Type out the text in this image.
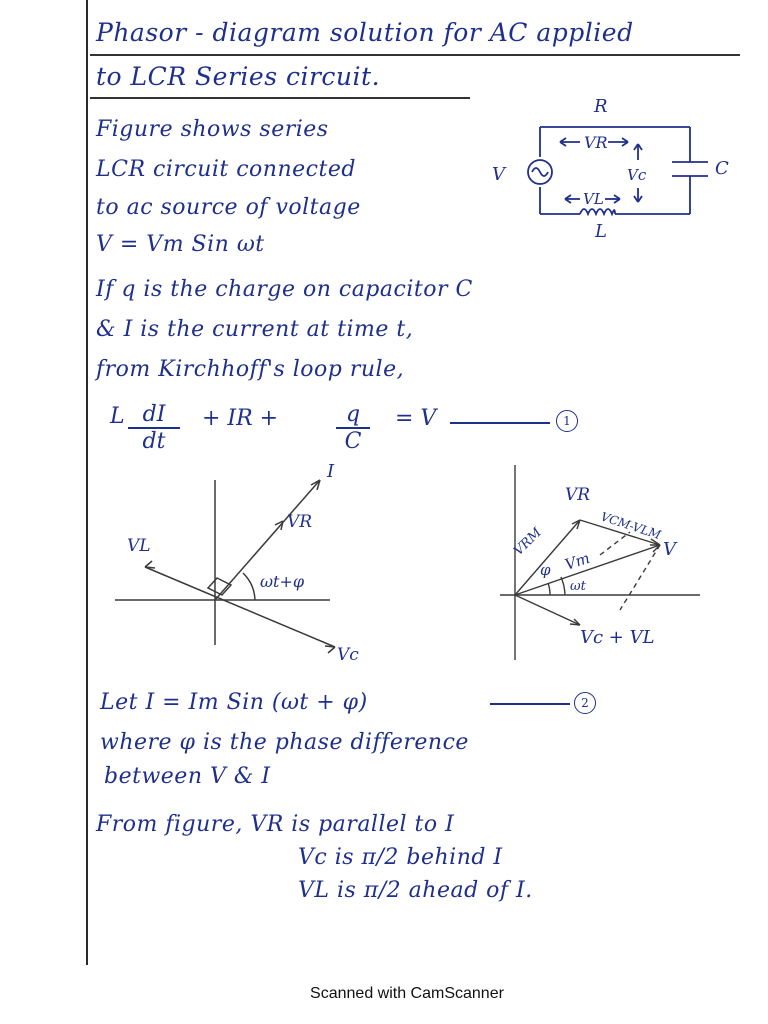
Phasor - diagram solution for AC applied
to LCR Series circuit.
Figure shows series
LCR circuit connected
to ac source of voltage
V = Vm Sin ωt
If q is the charge on capacitor C
& I is the current at time t,
from Kirchhoff's loop rule,
R
VR
Vc	C
V
VL
L
L $\frac{dI}{dt}$ + IR +	$\frac{q}{C} = V$	1
I
VR
VL
Vc
ωt+φ
VR
VCM-VLM
VRM
φ Vm	V
ωt
Vc + VL
Let I = Im Sin (ωt + φ)	2
where φ is the phase difference
between V & I
From figure, VR is parallel to I
Vc is π/2 behind I
VL is π/2 ahead of I.
Scanned with CamScanner
